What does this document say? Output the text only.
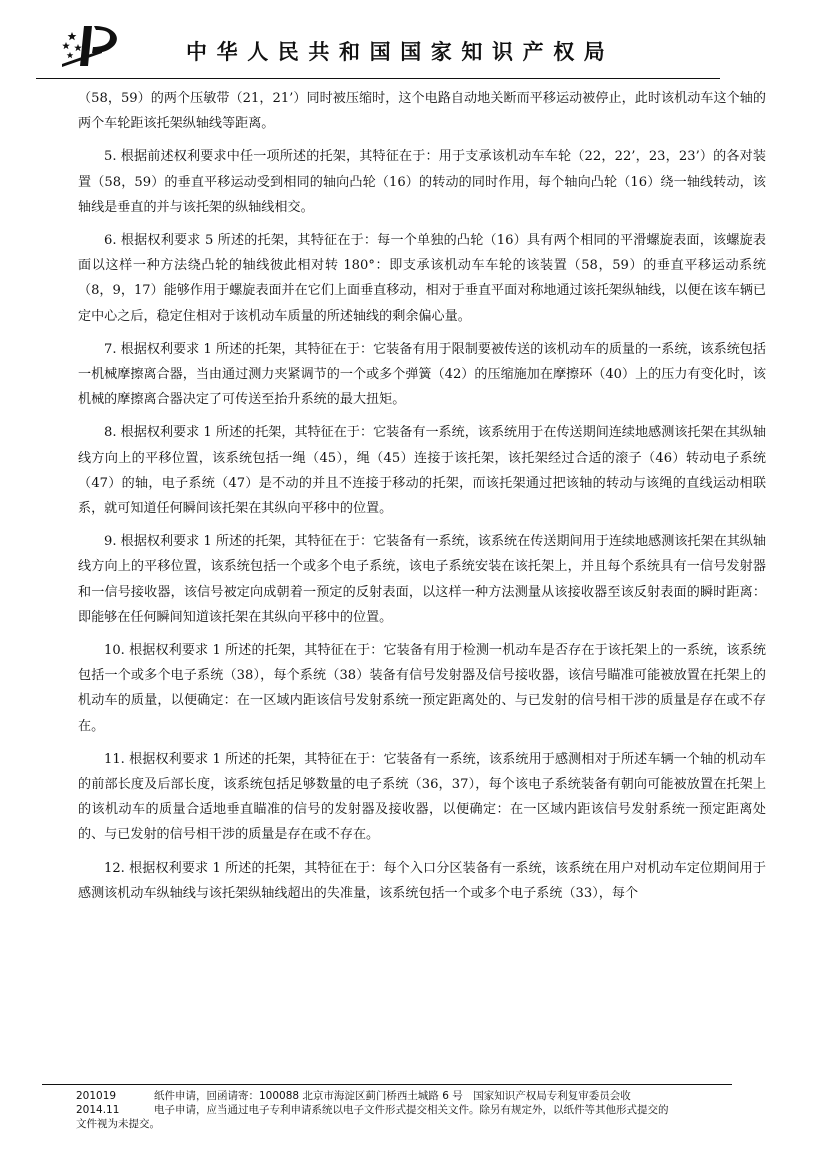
中华人民共和国国家知识产权局

（58，59）的两个压敏带（21，21’）同时被压缩时，这个电路自动地关断而平移运动被停止，此时该机动车这个轴的两个车轮距该托架纵轴线等距离。

5. 根据前述权利要求中任一项所述的托架，其特征在于：用于支承该机动车车轮（22，22’，23，23’）的各对装置（58，59）的垂直平移运动受到相同的轴向凸轮（16）的转动的同时作用，每个轴向凸轮（16）绕一轴线转动，该轴线是垂直的并与该托架的纵轴线相交。

6. 根据权利要求 5 所述的托架，其特征在于：每一个单独的凸轮（16）具有两个相同的平滑螺旋表面，该螺旋表面以这样一种方法绕凸轮的轴线彼此相对转 180°：即支承该机动车车轮的该装置（58，59）的垂直平移运动系统（8，9，17）能够作用于螺旋表面并在它们上面垂直移动，相对于垂直平面对称地通过该托架纵轴线，以便在该车辆已定中心之后，稳定住相对于该机动车质量的所述轴线的剩余偏心量。

7. 根据权利要求 1 所述的托架，其特征在于：它装备有用于限制要被传送的该机动车的质量的一系统，该系统包括一机械摩擦离合器，当由通过测力夹紧调节的一个或多个弹簧（42）的压缩施加在摩擦环（40）上的压力有变化时，该机械的摩擦离合器决定了可传送至抬升系统的最大扭矩。

8. 根据权利要求 1 所述的托架，其特征在于：它装备有一系统，该系统用于在传送期间连续地感测该托架在其纵轴线方向上的平移位置，该系统包括一绳（45），绳（45）连接于该托架，该托架经过合适的滚子（46）转动电子系统（47）的轴，电子系统（47）是不动的并且不连接于移动的托架，而该托架通过把该轴的转动与该绳的直线运动相联系，就可知道任何瞬间该托架在其纵向平移中的位置。

9. 根据权利要求 1 所述的托架，其特征在于：它装备有一系统，该系统在传送期间用于连续地感测该托架在其纵轴线方向上的平移位置，该系统包括一个或多个电子系统，该电子系统安装在该托架上，并且每个系统具有一信号发射器和一信号接收器，该信号被定向成朝着一预定的反射表面，以这样一种方法测量从该接收器至该反射表面的瞬时距离：即能够在任何瞬间知道该托架在其纵向平移中的位置。

10. 根据权利要求 1 所述的托架，其特征在于：它装备有用于检测一机动车是否存在于该托架上的一系统，该系统包括一个或多个电子系统（38），每个系统（38）装备有信号发射器及信号接收器，该信号瞄准可能被放置在托架上的机动车的质量，以便确定：在一区域内距该信号发射系统一预定距离处的、与已发射的信号相干涉的质量是存在或不存在。

11. 根据权利要求 1 所述的托架，其特征在于：它装备有一系统，该系统用于感测相对于所述车辆一个轴的机动车的前部长度及后部长度，该系统包括足够数量的电子系统（36，37），每个该电子系统装备有朝向可能被放置在托架上的该机动车的质量合适地垂直瞄准的信号的发射器及接收器，以便确定：在一区域内距该信号发射系统一预定距离处的、与已发射的信号相干涉的质量是存在或不存在。

12. 根据权利要求 1 所述的托架，其特征在于：每个入口分区装备有一系统，该系统在用户对机动车定位期间用于感测该机动车纵轴线与该托架纵轴线超出的失准量，该系统包括一个或多个电子系统（33），每个

201019	纸件申请，回函请寄：100088 北京市海淀区蓟门桥西土城路 6 号　国家知识产权局专利复审委员会收
2014.11	电子申请，应当通过电子专利申请系统以电子文件形式提交相关文件。除另有规定外，以纸件等其他形式提交的

文件视为未提交。
